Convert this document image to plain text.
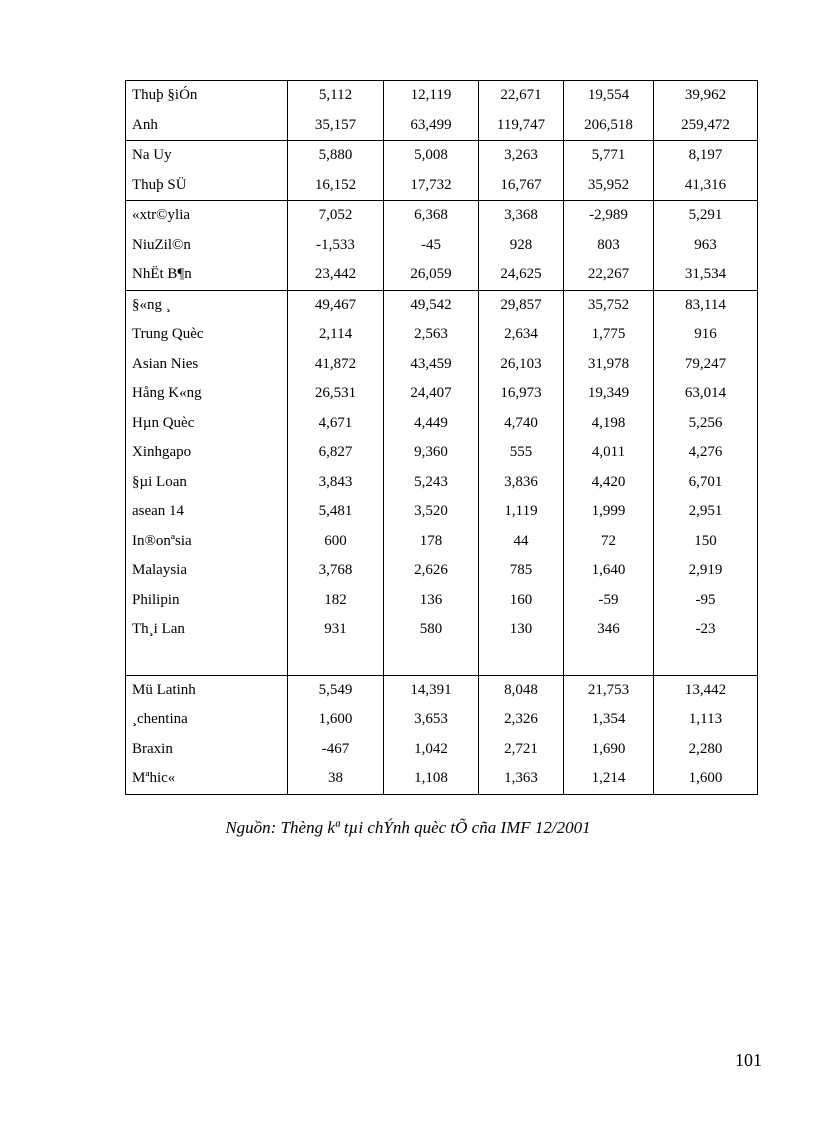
Thuþ §iÓn	5,112	12,119	22,671	19,554	39,962
Anh	35,157	63,499	119,747	206,518	259,472
Na Uy	5,880	5,008	3,263	5,771	8,197
Thuþ SÜ	16,152	17,732	16,767	35,952	41,316
«xtr©ylia	7,052	6,368	3,368	-2,989	5,291
NiuZil©n	-1,533	-45	928	803	963
NhËt B¶n	23,442	26,059	24,625	22,267	31,534
§«ng ¸	49,467	49,542	29,857	35,752	83,114
Trung Quèc	2,114	2,563	2,634	1,775	916
Asian Nies	41,872	43,459	26,103	31,978	79,247
Hång K«ng	26,531	24,407	16,973	19,349	63,014
Hµn Quèc	4,671	4,449	4,740	4,198	5,256
Xinhgapo	6,827	9,360	555	4,011	4,276
§µi Loan	3,843	5,243	3,836	4,420	6,701
asean 14	5,481	3,520	1,119	1,999	2,951
In®onªsia	600	178	44	72	150
Malaysia	3,768	2,626	785	1,640	2,919
Philipin	182	136	160	-59	-95
Th¸i Lan	931	580	130	346	-23

Mü Latinh	5,549	14,391	8,048	21,753	13,442
¸chentina	1,600	3,653	2,326	1,354	1,113
Braxin	-467	1,042	2,721	1,690	2,280
Mªhic«	38	1,108	1,363	1,214	1,600
Nguồn: Thèng kª tµi chÝnh quèc tÕ cña IMF 12/2001
101
